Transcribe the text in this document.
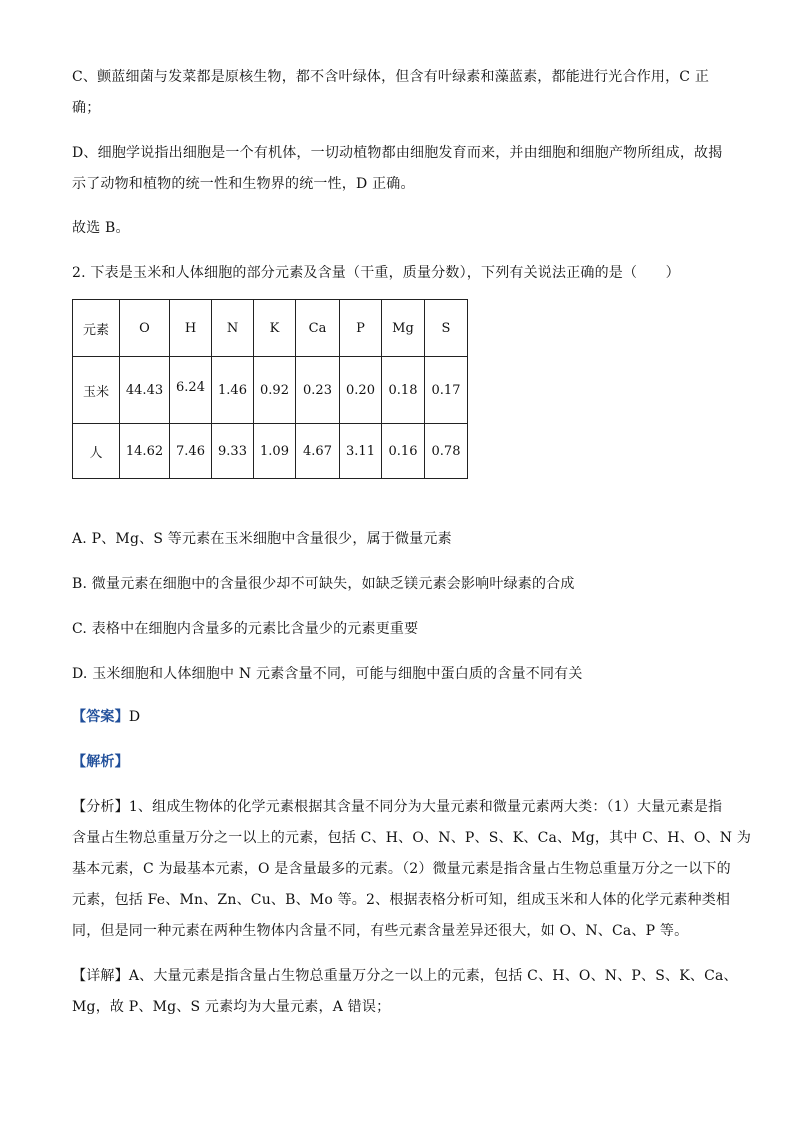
C、颤蓝细菌与发菜都是原核生物，都不含叶绿体，但含有叶绿素和藻蓝素，都能进行光合作用，C 正
确；
D、细胞学说指出细胞是一个有机体，一切动植物都由细胞发育而来，并由细胞和细胞产物所组成，故揭
示了动物和植物的统一性和生物界的统一性，D 正确。
故选 B。
2. 下表是玉米和人体细胞的部分元素及含量（干重，质量分数），下列有关说法正确的是（　　）
元素	O	H	N	K	Ca	P	Mg	S
玉米	44.43	6.24	1.46	0.92	0.23	0.20	0.18	0.17
人	14.62	7.46	9.33	1.09	4.67	3.11	0.16	0.78
A. P、Mg、S 等元素在玉米细胞中含量很少，属于微量元素
B. 微量元素在细胞中的含量很少却不可缺失，如缺乏镁元素会影响叶绿素的合成
C. 表格中在细胞内含量多的元素比含量少的元素更重要
D. 玉米细胞和人体细胞中 N 元素含量不同，可能与细胞中蛋白质的含量不同有关
【答案】D
【解析】
【分析】1、组成生物体的化学元素根据其含量不同分为大量元素和微量元素两大类：（1）大量元素是指
含量占生物总重量万分之一以上的元素，包括 C、H、O、N、P、S、K、Ca、Mg，其中 C、H、O、N 为
基本元素，C 为最基本元素，O 是含量最多的元素。（2）微量元素是指含量占生物总重量万分之一以下的
元素，包括 Fe、Mn、Zn、Cu、B、Mo 等。2、根据表格分析可知，组成玉米和人体的化学元素种类相
同，但是同一种元素在两种生物体内含量不同，有些元素含量差异还很大，如 O、N、Ca、P 等。
【详解】A、大量元素是指含量占生物总重量万分之一以上的元素，包括 C、H、O、N、P、S、K、Ca、
Mg，故 P、Mg、S 元素均为大量元素，A 错误；
